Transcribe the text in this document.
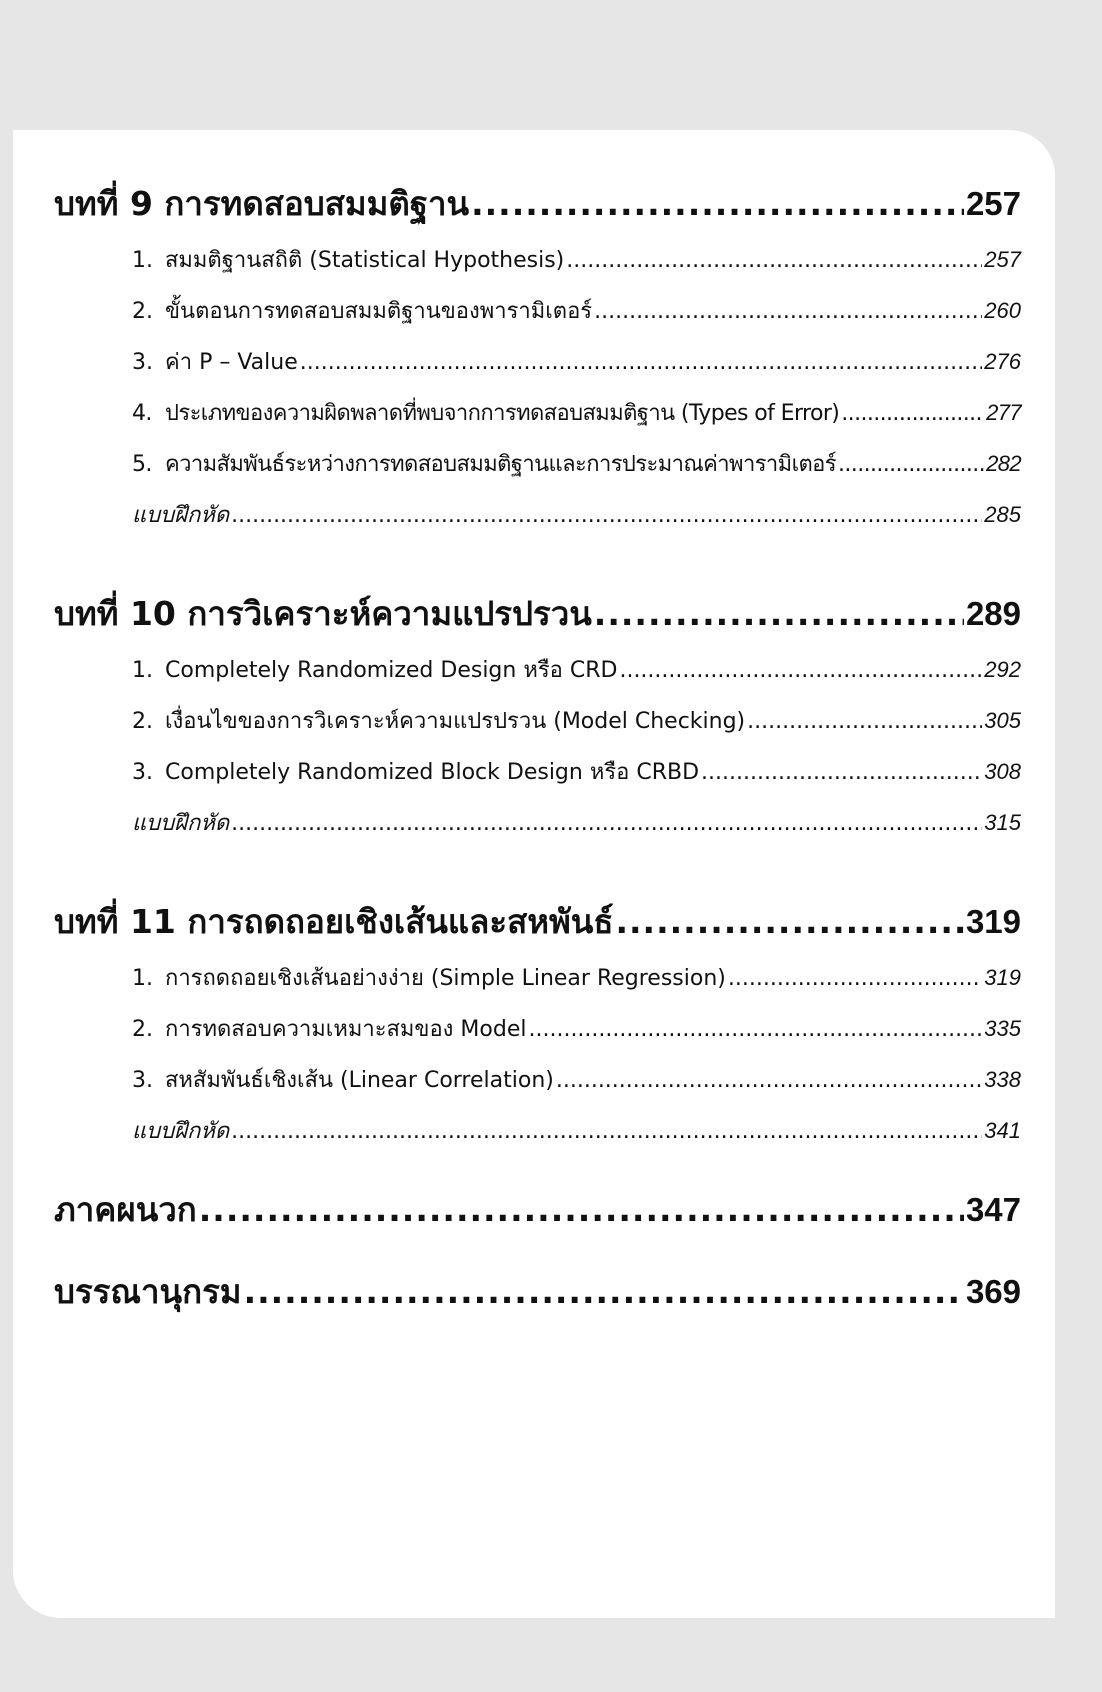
บทที่ 9 การทดสอบสมมติฐาน .....	257
1. สมมติฐานสถิติ (Statistical Hypothesis) .....	257
2. ขั้นตอนการทดสอบสมมติฐานของพารามิเตอร์ .....	260
3. ค่า P – Value .....	276
4. ประเภทของความผิดพลาดที่พบจากการทดสอบสมมติฐาน (Types of Error) .....	277
5. ความสัมพันธ์ระหว่างการทดสอบสมมติฐานและการประมาณค่าพารามิเตอร์ .....	282
แบบฝึกหัด .....	285
บทที่ 10 การวิเคราะห์ความแปรปรวน .....	289
1. Completely Randomized Design หรือ CRD .....	292
2. เงื่อนไขของการวิเคราะห์ความแปรปรวน (Model Checking) .....	305
3. Completely Randomized Block Design หรือ CRBD .....	308
แบบฝึกหัด .....	315
บทที่ 11 การถดถอยเชิงเส้นและสหพันธ์ .....	319
1. การถดถอยเชิงเส้นอย่างง่าย (Simple Linear Regression) .....	319
2. การทดสอบความเหมาะสมของ Model .....	335
3. สหสัมพันธ์เชิงเส้น (Linear Correlation) .....	338
แบบฝึกหัด .....	341
ภาคผนวก .....	347
บรรณานุกรม .....	369
